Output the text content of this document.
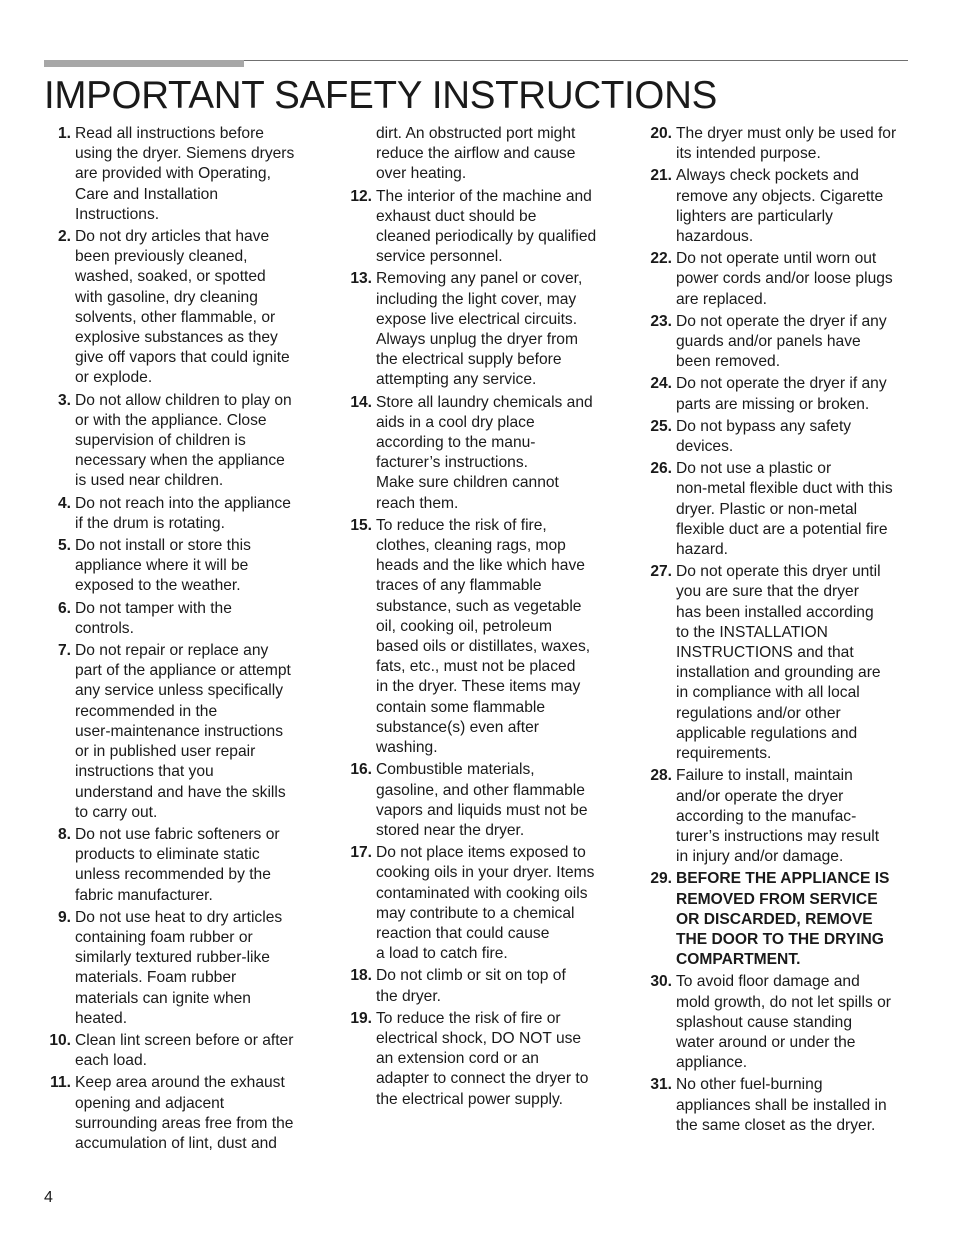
IMPORTANT SAFETY INSTRUCTIONS
1. Read all instructions before
using the dryer. Siemens dryers
are provided with Operating,
Care and Installation
Instructions.
2. Do not dry articles that have
been previously cleaned,
washed, soaked, or spotted
with gasoline, dry cleaning
solvents, other flammable, or
explosive substances as they
give off vapors that could ignite
or explode.
3. Do not allow children to play on
or with the appliance. Close
supervision of children is
necessary when the appliance
is used near children.
4. Do not reach into the appliance
if the drum is rotating.
5. Do not install or store this
appliance where it will be
exposed to the weather.
6. Do not tamper with the
controls.
7. Do not repair or replace any
part of the appliance or attempt
any service unless specifically
recommended in the
user-maintenance instructions
or in published user repair
instructions that you
understand and have the skills
to carry out.
8. Do not use fabric softeners or
products to eliminate static
unless recommended by the
fabric manufacturer.
9. Do not use heat to dry articles
containing foam rubber or
similarly textured rubber-like
materials. Foam rubber
materials can ignite when
heated.
10. Clean lint screen before or after
each load.
11. Keep area around the exhaust
opening and adjacent
surrounding areas free from the
accumulation of lint, dust and
dirt. An obstructed port might
reduce the airflow and cause
over heating.
12. The interior of the machine and
exhaust duct should be
cleaned periodically by qualified
service personnel.
13. Removing any panel or cover,
including the light cover, may
expose live electrical circuits.
Always unplug the dryer from
the electrical supply before
attempting any service.
14. Store all laundry chemicals and
aids in a cool dry place
according to the manu-
facturer’s instructions.
Make sure children cannot
reach them.
15. To reduce the risk of fire,
clothes, cleaning rags, mop
heads and the like which have
traces of any flammable
substance, such as vegetable
oil, cooking oil, petroleum
based oils or distillates, waxes,
fats, etc., must not be placed
in the dryer. These items may
contain some flammable
substance(s) even after
washing.
16. Combustible materials,
gasoline, and other flammable
vapors and liquids must not be
stored near the dryer.
17. Do not place items exposed to
cooking oils in your dryer. Items
contaminated with cooking oils
may contribute to a chemical
reaction that could cause
a load to catch fire.
18. Do not climb or sit on top of
the dryer.
19. To reduce the risk of fire or
electrical shock, DO NOT use
an extension cord or an
adapter to connect the dryer to
the electrical power supply.
20. The dryer must only be used for
its intended purpose.
21. Always check pockets and
remove any objects. Cigarette
lighters are particularly
hazardous.
22. Do not operate until worn out
power cords and/or loose plugs
are replaced.
23. Do not operate the dryer if any
guards and/or panels have
been removed.
24. Do not operate the dryer if any
parts are missing or broken.
25. Do not bypass any safety
devices.
26. Do not use a plastic or
non-metal flexible duct with this
dryer. Plastic or non-metal
flexible duct are a potential fire
hazard.
27. Do not operate this dryer until
you are sure that the dryer
has been installed according
to the INSTALLATION
INSTRUCTIONS and that
installation and grounding are
in compliance with all local
regulations and/or other
applicable regulations and
requirements.
28. Failure to install, maintain
and/or operate the dryer
according to the manufac-
turer’s instructions may result
in injury and/or damage.
29. BEFORE THE APPLIANCE IS
REMOVED FROM SERVICE
OR DISCARDED, REMOVE
THE DOOR TO THE DRYING
COMPARTMENT.
30. To avoid floor damage and
mold growth, do not let spills or
splashout cause standing
water around or under the
appliance.
31. No other fuel-burning
appliances shall be installed in
the same closet as the dryer.
4
